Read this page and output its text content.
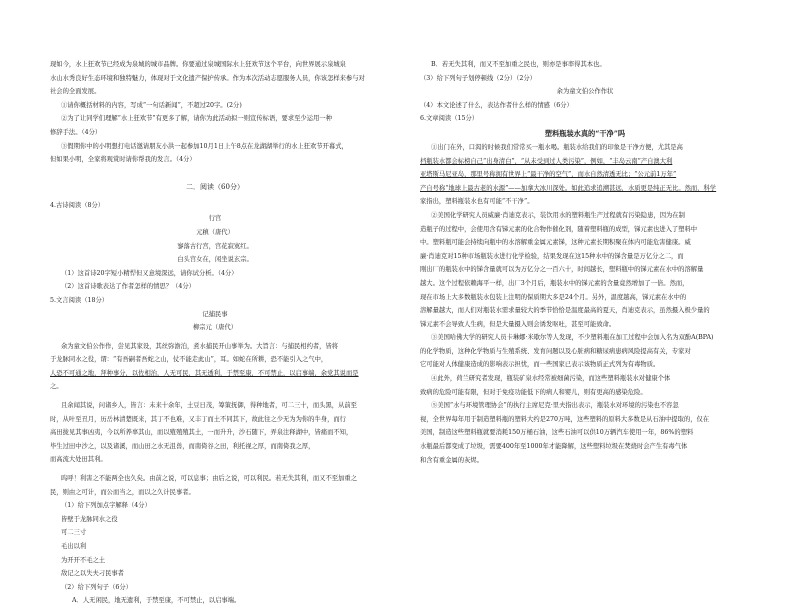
现如今，水上狂欢节已经成为泉城的城市品牌。你要通过泉城国际水上狂欢节这个平台，向世界展示泉城泉
水山水秀良好生态环境和独特魅力，体现对于文化遗产保护传承。作为本次活动志愿服务人员，你该怎样来参与对
社会的全面发展。
①请你概括材料的内容，写成“一句话新闻”，不超过20字。(2分)
②为了让同学们理解“水上狂欢节”有更多了解，请你为此活动拟一则宣传标语，要求至少运用一种
修辞手法。（4分）
③假期你中的小明想打电话邀请朋友小洪一起参加10月1日上午8点在龙湖湖举行的水上狂欢节开幕式，
但如果小明，全家将观赏时请你帮我的发言。（4分）
二．阅读（60分）
4.古诗阅读（8分）
行宫
元稹（唐代）
寥落古行宫，宫花寂寞红。
白头宫女在，闲坐说玄宗。
（1）这首诗20字短小精悍但又意境深远，请你试分析。（4分）
（2）这首诗歌表达了作者怎样的情思？（4分）
5.文言阅读（18分）
记捕民事
柳宗元（唐代）
余为童文伯公作作，尝见其家设，其丝弥澹泊，煮水捕民开山事举为。大旨言：与捕民相约者，皆将
于龙脉同水之役，谓：“有吾嗣者吾蛇之山，仗不能走此山”，耳。如蛇在所耕，恐不能引入之气中，
人恐不可通之地，拜种事分，以佐相治，人无可民，其无透利，于禁至康，不可禁止，以启事端，余党其说而是
之。
且余闻其说，问诸乡人，皆言：未来十余年，土豆日茂，筹策抚御，得种地者，可二三十，而头黑，从前至
时，从叶至丑月，历岳林清楚既来，其丁不也难，又丰丁而土不同其下，故此往之少无为为你的牛身，而行
高田拢见其事凶夷，今以所养辜其山，而以殖殖殖其土，一而升升，沙石随下，弄泉注释湖中，皆痛而不知，
毕生过田中沙之，以及诸溪，而山田之水无沮兽，而南倚谷之田，利托视之厚，而南倚我之厚，
而高流大处田其利。
呜呼！利害之不能两全也久矣。由前之说，可以息事；由后之说，可以利民。若无失其利，而又不至加重之
民，则由之可计，而公而当之，而以之久计民事者。
（1）给下列加点字解释（4分）
皆壁于龙脉同水之役
可二三寸
毛出以利
为开开不毛之土
敌记之以失夫刁民事者
（2）给下列句子（6分）
A．人无闲民，地无遗利，于禁至康，不可禁止，以启事端。
B．若无失其利，而又不至加重之民也，则亦是事率得其本也。
（3）给下列句子划停顿线（2分）（2分）
余为童文伯公作作状
（4）本文论述了什么，表达作者什么样的情感（6分）
6.文章阅读（15分）
塑料瓶装水真的“干净”吗
①出门在外，口渴的时候我们常常买一瓶水喝。瓶装水给我们的印象是干净方便，尤其是高
档瓶装水都会标榜自己“出身清白”，“从未受到过人类污染”，例如，“丰岛云南”产自澳大利
亚塔斯马尼亚岛，那里号称拥有世界上“最干净的空气”，而水自然清透无比；“公元前1万年”
产自号称“地球上最古老的水源”——加拿大冰川深处。如此追求追溯甚远，水质更是纯正无比。然而，科学
家指出，塑料瓶装水也有可能“不干净”。
②美国化学研究人员威廉·肖迪克表示，装饮用水的塑料瓶生产过程就有污染隐患，因为在制
造瓶子的过程中，会使用含有锑元素的化合物作催化剂，随着塑料瓶的成型，锑元素也进入了塑料中
中。塑料瓶可能会持续向瓶中的水溶解重金属元素锑，这种元素长期积聚在体内可能危害健康。威
廉·肖迪克对15种市场瓶装水进行化学检验，结果发现在这15种水中的锑含量是万亿分之二，而
刚出厂的瓶装水中的锑含量就可以为万亿分之一百六十，时间越长，塑料瓶中的锑元素在水中的溶解量
越大。这个过程依赖海平一样，出厂3个月后，瓶装水中的锑元素的含量竟然增加了一倍。然而，
现在市场上大多数瓶装水包装上注明的保质期大多是24个月。另外，温度越高，锑元素在水中的
溶解量越大，而人们对瓶装水需求量较大的季节恰恰是温度最高的夏天，肖迪克表示，虽然摄入极少量的
锑元素不会导致人生病，但是大量摄入则会诱发呕吐，甚至可能致命。
③美国哈佛大学的研究人员卡琳娜·米歇尔等人发现，不少塑料瓶在加工过程中会加入名为双酚A(BPA)
的化学物质，这种化学物质与生殖系统、发育问题以及心脏病和糖尿病患病风险提高有关，专家对
它可能对人体健康造成的影响表示担忧，而一些国家已表示该物质正式列为有毒物质。
④此外，荷兰研究者发现，瓶装矿泉水经常被细菌污染，而这些塑料瓶装水对健康个体
致病的危险可能有限，但对于免疫功能低下的病人和婴儿，则有更高的感染危险。
⑤美国“水与环境管理协会”的执行主席尼克·里夫指出表示，瓶装水对环境的污染也不容忽
视，全世界每年用于制造塑料瓶的塑料大约是270万吨，这些塑料的原料大多数是从石油中提取的，仅在
美国，制造这些塑料瓶就要消耗150万桶石油，这些石油可以供10万辆汽车使用一年，86%的塑料
水瓶最后都变成了垃圾，需要400年至1000年才能降解，这些塑料垃圾在焚烧时会产生有毒气体
和含有重金属的灰烬。
